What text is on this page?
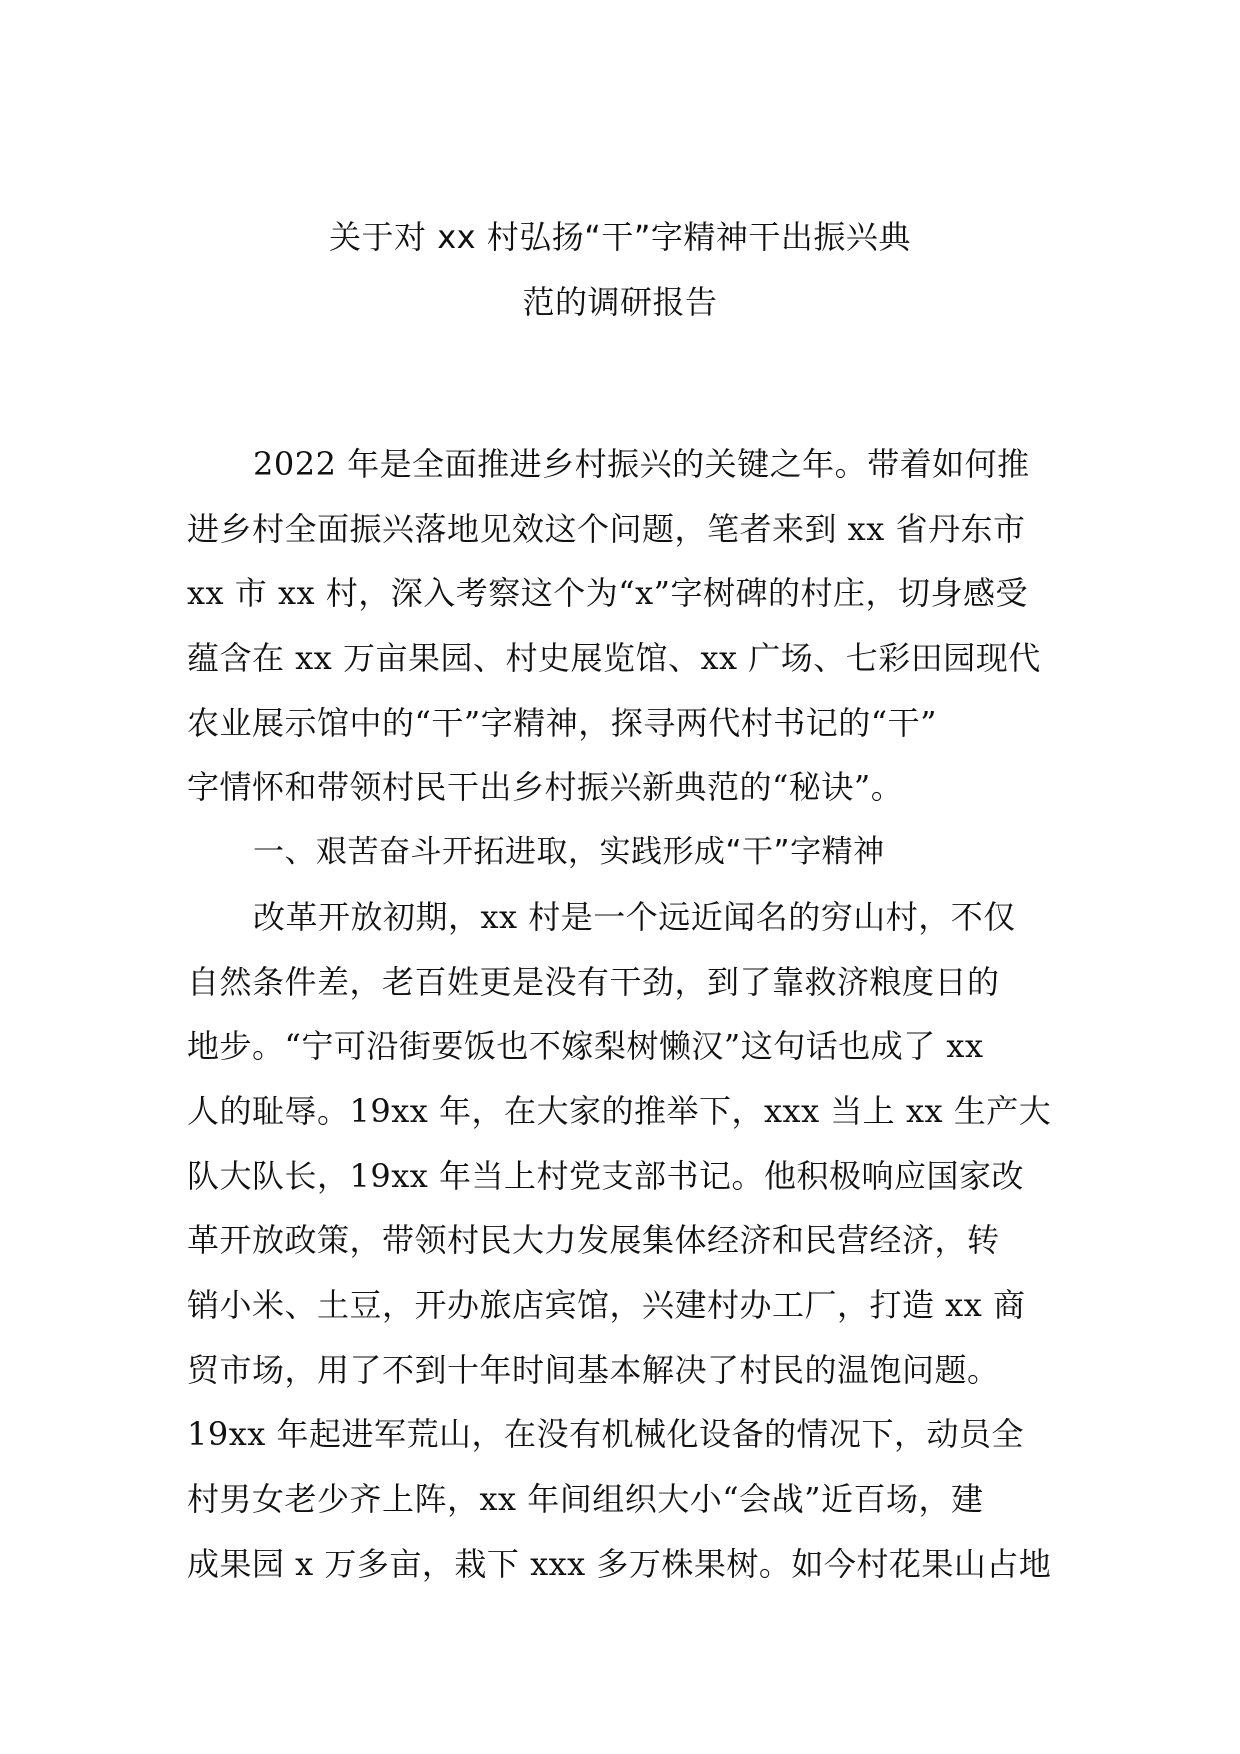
关于对 xx 村弘扬“干”字精神干出振兴典
范的调研报告
2022 年是全面推进乡村振兴的关键之年。带着如何推
进乡村全面振兴落地见效这个问题，笔者来到 xx 省丹东市
xx 市 xx 村，深入考察这个为“x”字树碑的村庄，切身感受
蕴含在 xx 万亩果园、村史展览馆、xx 广场、七彩田园现代
农业展示馆中的“干”字精神，探寻两代村书记的“干”
字情怀和带领村民干出乡村振兴新典范的“秘诀”。
一、艰苦奋斗开拓进取，实践形成“干”字精神
改革开放初期，xx 村是一个远近闻名的穷山村，不仅
自然条件差，老百姓更是没有干劲，到了靠救济粮度日的
地步。“宁可沿街要饭也不嫁梨树懒汉”这句话也成了 xx
人的耻辱。19xx 年，在大家的推举下，xxx 当上 xx 生产大
队大队长，19xx 年当上村党支部书记。他积极响应国家改
革开放政策，带领村民大力发展集体经济和民营经济，转
销小米、土豆，开办旅店宾馆，兴建村办工厂，打造 xx 商
贸市场，用了不到十年时间基本解决了村民的温饱问题。
19xx 年起进军荒山，在没有机械化设备的情况下，动员全
村男女老少齐上阵，xx 年间组织大小“会战”近百场，建
成果园 x 万多亩，栽下 xxx 多万株果树。如今村花果山占地
